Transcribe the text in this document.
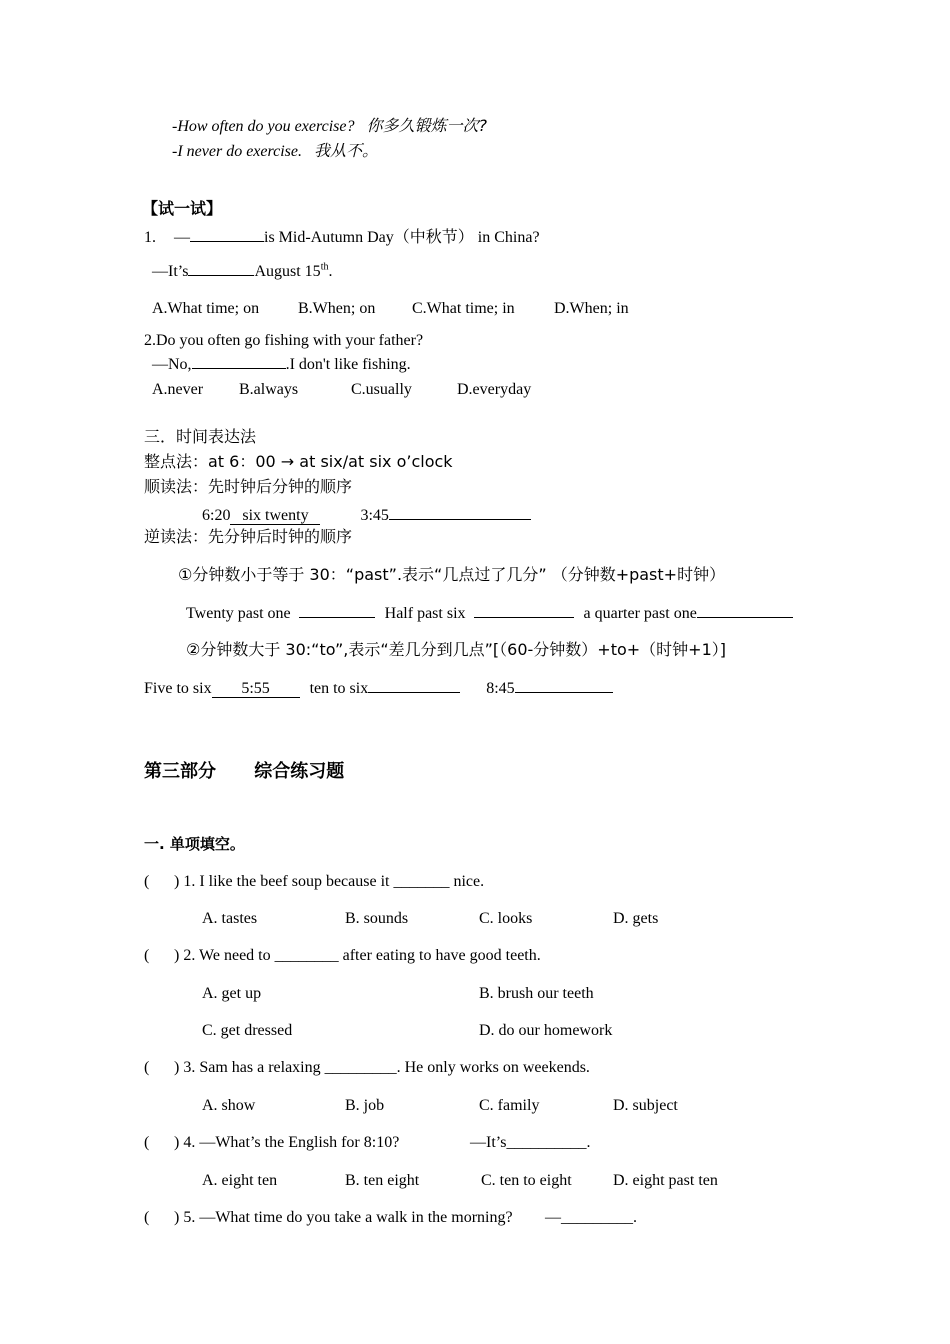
-How often do you exercise? 你多久锻炼一次?
-I never do exercise. 我从不。
【试一试】
1. —	is Mid-Autumn Day（中秋节） in China?
—It’s	August 15th.
A.What time; on B.When; on C.What time; in D.When; in
2.Do you often go fishing with your father?
—No,	.I don't like fishing.
A.never B.always	C.usually	D.everyday
三．时间表达法
整点法：at 6：00 → at six/at six o’clock
顺读法：先时钟后分钟的顺序
6:20 six twenty	3:45
逆读法：先分钟后时钟的顺序
①分钟数小于等于 30：“past”.表示“几点过了几分” （分钟数+past+时钟）
Twenty past one	Half past six	a quarter past one
②分钟数大于 30:“to”,表示“差几分到几点”[（60-分钟数）+to+（时钟+1）]
Five to six 5:55 ten to six	8:45
第三部分 综合练习题
一. 单项填空。
( ) 1. I like the beef soup because it _______ nice.
A. tastes	B. sounds	C. looks	D. gets
( ) 2. We need to ________ after eating to have good teeth.
A. get up	B. brush our teeth
C. get dressed	D. do our homework
( ) 3. Sam has a relaxing _________. He only works on weekends.
A. show	B. job	C. family	D. subject
( ) 4. —What’s the English for 8:10?	—It’s__________.
A. eight ten	B. ten eight	C. ten to eight	D. eight past ten
( ) 5. —What time do you take a walk in the morning? —_________.
